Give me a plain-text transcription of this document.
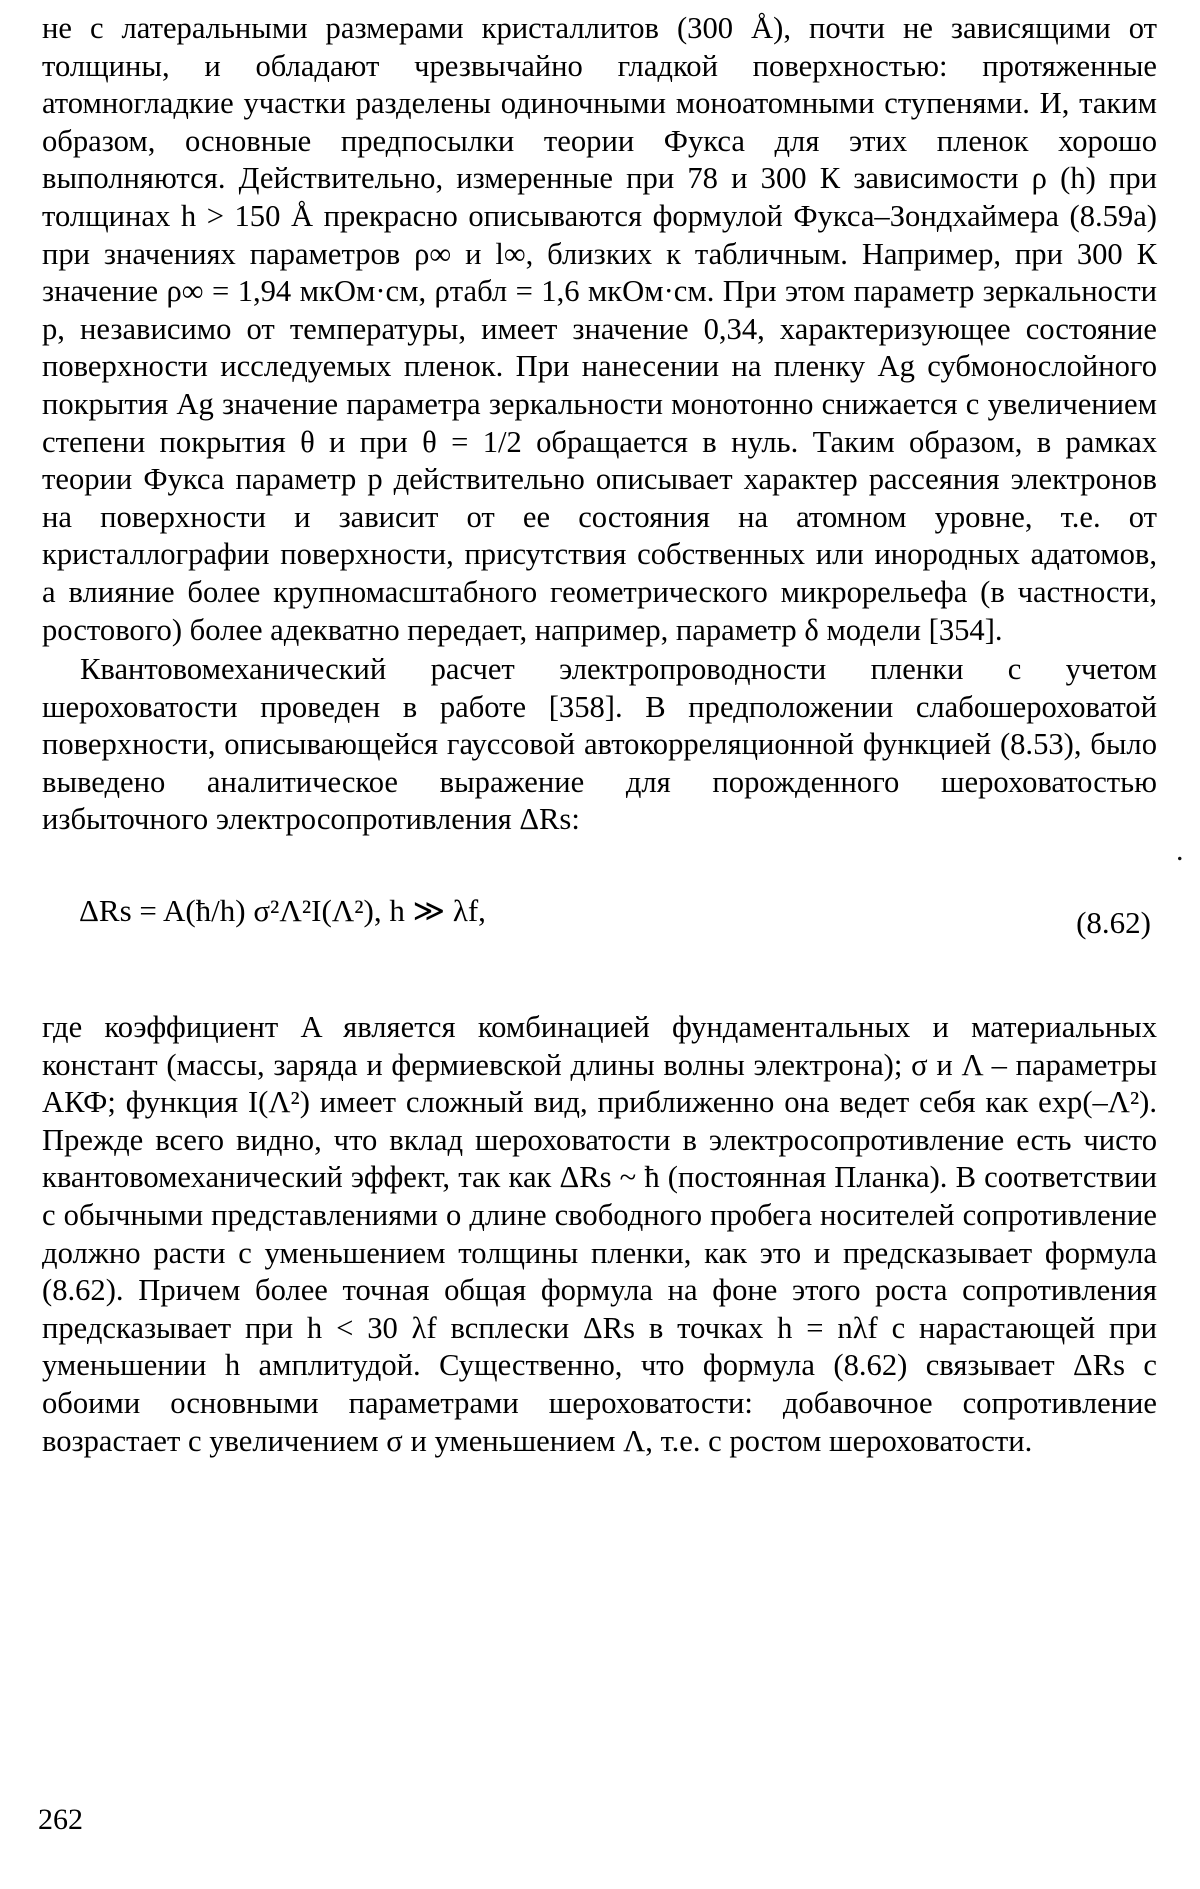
не с латеральными размерами кристаллитов (300 Å), почти не зависящими от толщины, и обладают чрезвычайно гладкой поверхностью: протяженные атомногладкие участки разделены одиночными моноатомными ступенями. И, таким образом, основные предпосылки теории Фукса для этих пленок хорошо выполняются. Действительно, измеренные при 78 и 300 К зависимости ρ (h) при толщинах h > 150 Å прекрасно описываются формулой Фукса–Зондхаймера (8.59а) при значениях параметров ρ∞ и l∞, близких к табличным. Например, при 300 К значение ρ∞ = 1,94 мкОм·см, ρтабл = 1,6 мкОм·см. При этом параметр зеркальности p, независимо от температуры, имеет значение 0,34, характеризующее состояние поверхности исследуемых пленок. При нанесении на пленку Ag субмонослойного покрытия Ag значение параметра зеркальности монотонно снижается с увеличением степени покрытия θ и при θ = 1/2 обращается в нуль. Таким образом, в рамках теории Фукса параметр p действительно описывает характер рассеяния электронов на поверхности и зависит от ее состояния на атомном уровне, т.е. от кристаллографии поверхности, присутствия собственных или инородных адатомов, а влияние более крупномасштабного геометрического микрорельефа (в частности, ростового) более адекватно передает, например, параметр δ модели [354].

Квантовомеханический расчет электропроводности пленки с учетом шероховатости проведен в работе [358]. В предположении слабошероховатой поверхности, описывающейся гауссовой автокорреляционной функцией (8.53), было выведено аналитическое выражение для порожденного шероховатостью избыточного электросопротивления ΔRs:

ΔRs = A(ħ/h) σ²Λ²I(Λ²), h ≫ λf,	(8.62)

где коэффициент A является комбинацией фундаментальных и материальных констант (массы, заряда и фермиевской длины волны электрона); σ и Λ – параметры АКФ; функция I(Λ²) имеет сложный вид, приближенно она ведет себя как exp(–Λ²). Прежде всего видно, что вклад шероховатости в электросопротивление есть чисто квантовомеханический эффект, так как ΔRs ~ ħ (постоянная Планка). В соответствии с обычными представлениями о длине свободного пробега носителей сопротивление должно расти с уменьшением толщины пленки, как это и предсказывает формула (8.62). Причем более точная общая формула на фоне этого роста сопротивления предсказывает при h < 30 λf всплески ΔRs в точках h = nλf с нарастающей при уменьшении h амплитудой. Существенно, что формула (8.62) связывает ΔRs с обоими основными параметрами шероховатости: добавочное сопротивление возрастает с увеличением σ и уменьшением Λ, т.е. с ростом шероховатости.

.
262
